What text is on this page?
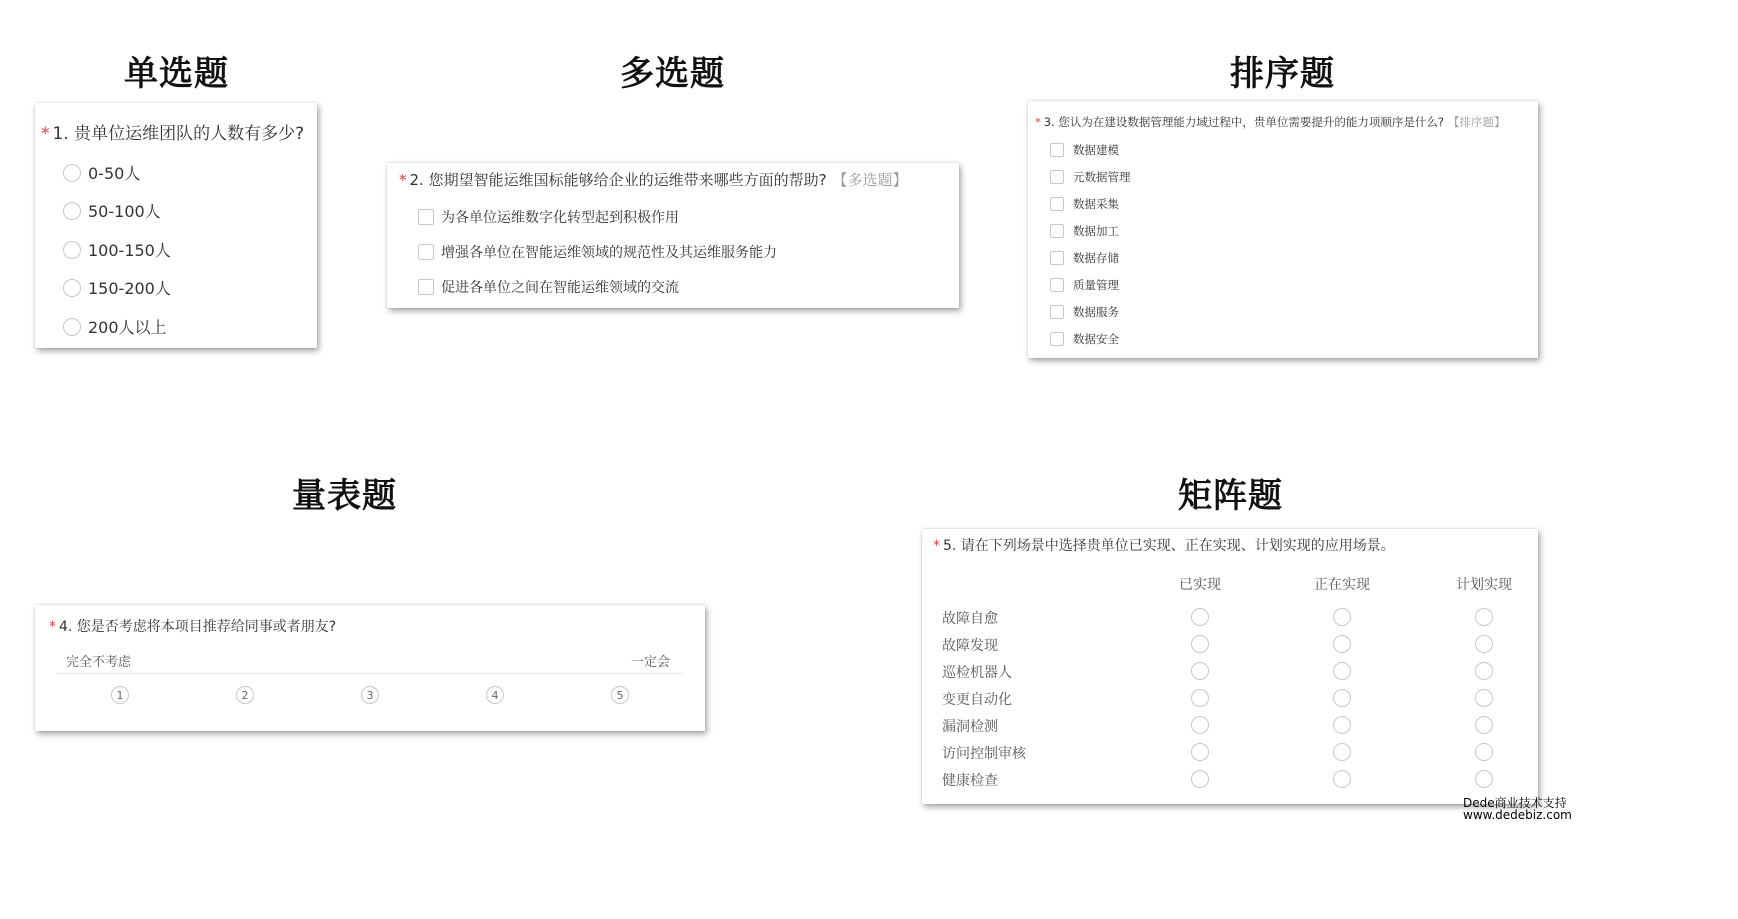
单选题	多选题	排序题
量表题	矩阵题
* 1. 贵单位运维团队的人数有多少?
0-50人
50-100人
100-150人
150-200人
200人以上
* 2. 您期望智能运维国标能够给企业的运维带来哪些方面的帮助? 【多选题】
为各单位运维数字化转型起到积极作用
增强各单位在智能运维领域的规范性及其运维服务能力
促进各单位之间在智能运维领域的交流
* 3. 您认为在建设数据管理能力域过程中，贵单位需要提升的能力项顺序是什么? 【排序题】
数据建模
元数据管理
数据采集
数据加工
数据存储
质量管理
数据服务
数据安全
* 4. 您是否考虑将本项目推荐给同事或者朋友?
完全不考虑	一定会
1	2	3	4	5
* 5. 请在下列场景中选择贵单位已实现、正在实现、计划实现的应用场景。
已实现	正在实现	计划实现
故障自愈
故障发现
巡检机器人
变更自动化
漏洞检测
访问控制审核
健康检查
Dede商业技术支持
www.dedebiz.com
